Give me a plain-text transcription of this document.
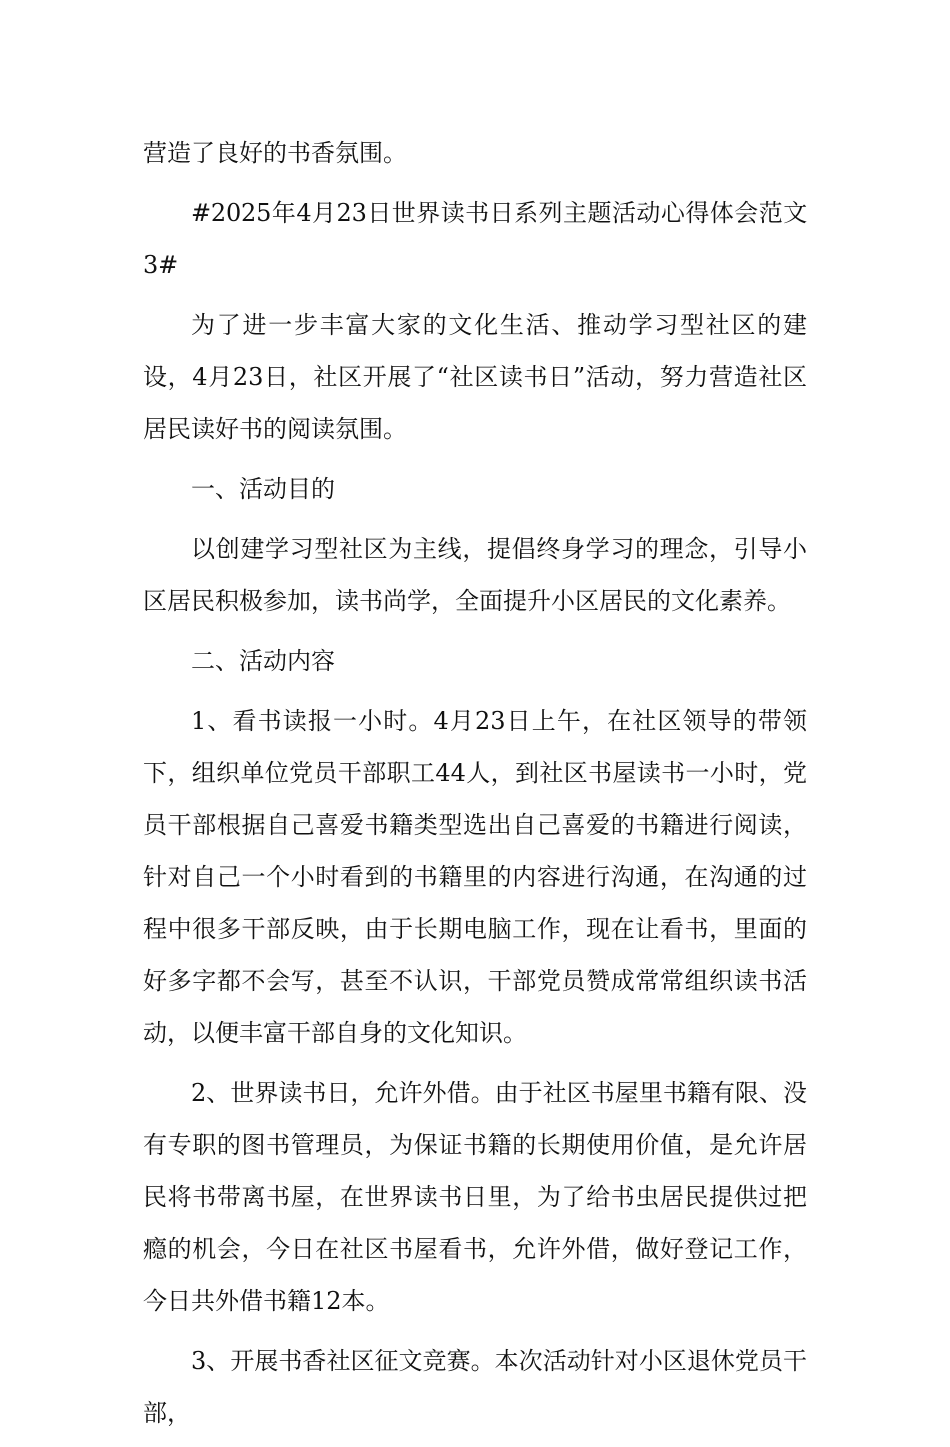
营造了良好的书香氛围。

#2025年4月23日世界读书日系列主题活动心得体会范文3#

为了进一步丰富大家的文化生活、推动学习型社区的建设，4月23日，社区开展了“社区读书日”活动，努力营造社区居民读好书的阅读氛围。

一、活动目的

以创建学习型社区为主线，提倡终身学习的理念，引导小区居民积极参加，读书尚学，全面提升小区居民的文化素养。

二、活动内容

1、看书读报一小时。4月23日上午，在社区领导的带领下，组织单位党员干部职工44人，到社区书屋读书一小时，党员干部根据自己喜爱书籍类型选出自己喜爱的书籍进行阅读，针对自己一个小时看到的书籍里的内容进行沟通，在沟通的过程中很多干部反映，由于长期电脑工作，现在让看书，里面的好多字都不会写，甚至不认识，干部党员赞成常常组织读书活动，以便丰富干部自身的文化知识。

2、世界读书日，允许外借。由于社区书屋里书籍有限、没有专职的图书管理员，为保证书籍的长期使用价值，是允许居民将书带离书屋，在世界读书日里，为了给书虫居民提供过把瘾的机会，今日在社区书屋看书，允许外借，做好登记工作，今日共外借书籍12本。

3、开展书香社区征文竞赛。本次活动针对小区退休党员干部，
